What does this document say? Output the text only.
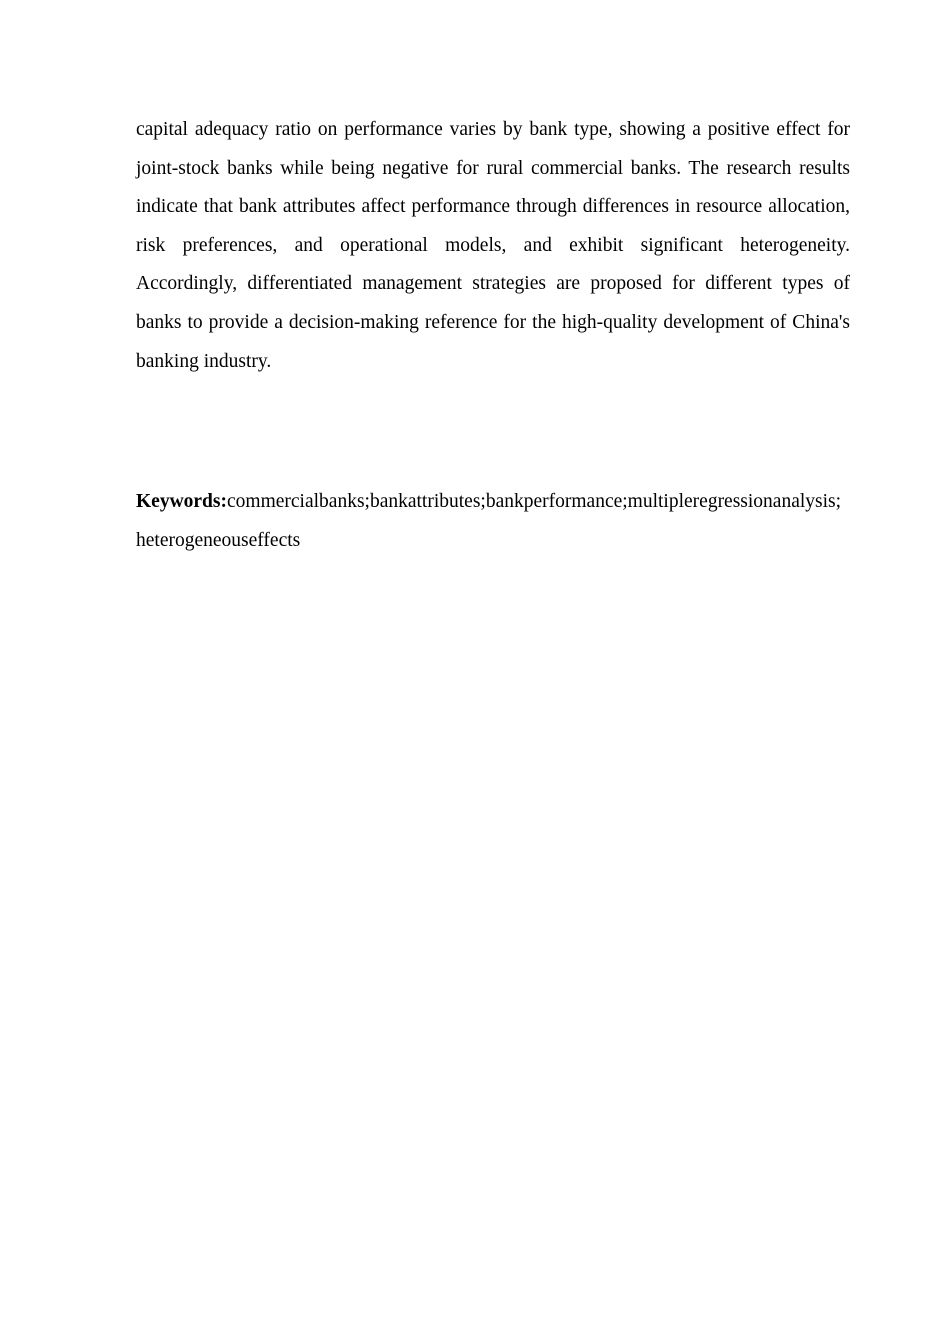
capital adequacy ratio on performance varies by bank type, showing a positive effect for joint-stock banks while being negative for rural commercial banks. The research results indicate that bank attributes affect performance through differences in resource allocation, risk preferences, and operational models, and exhibit significant heterogeneity. Accordingly, differentiated management strategies are proposed for different types of banks to provide a decision-making reference for the high-quality development of China's banking industry.

Keywords:commercialbanks;bankattributes;bankperformance;multipleregressionanalysis;heterogeneouseffects
